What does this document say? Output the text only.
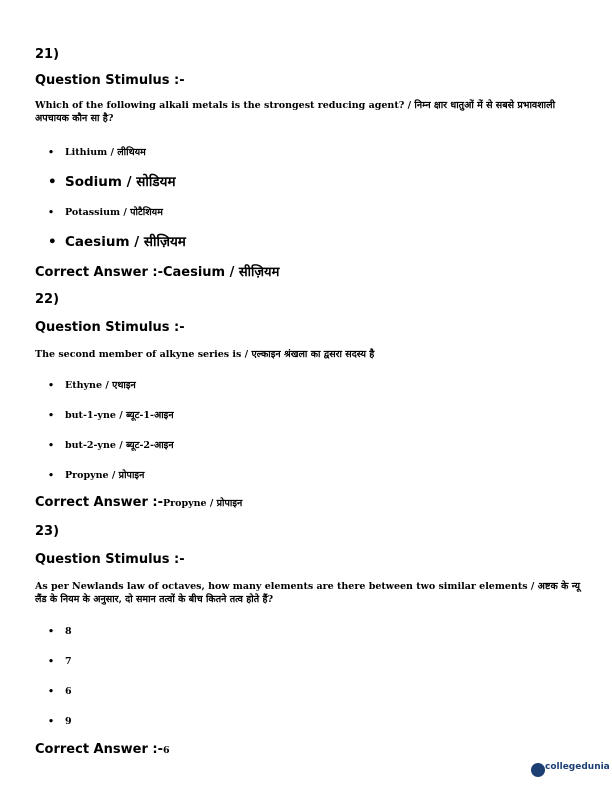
21)
Question Stimulus :-
Which of the following alkali metals is the strongest reducing agent? / निम्न क्षार धातुओं में से सबसे प्रभावशाली अपचायक कौन सा है?
• Lithium / लीथियम
• Sodium / सोडियम
• Potassium / पोटैशियम
• Caesium / सीज़ियम
Correct Answer :-Caesium / सीज़ियम
22)
Question Stimulus :-
The second member of alkyne series is / एल्काइन श्रंखला का द्वसरा सदस्य है
• Ethyne / एथाइन
• but-1-yne / ब्यूट-1-आइन
• but-2-yne / ब्यूट-2-आइन
• Propyne / प्रोपाइन
Correct Answer :-Propyne / प्रोपाइन
23)
Question Stimulus :-
As per Newlands law of octaves, how many elements are there between two similar elements / अष्टक के न्यू लैंड के नियम के अनुसार, दो समान तत्वों के बीच कितने तत्व होते हैं?
• 8
• 7
• 6
• 9
Correct Answer :-6
collegedunia
